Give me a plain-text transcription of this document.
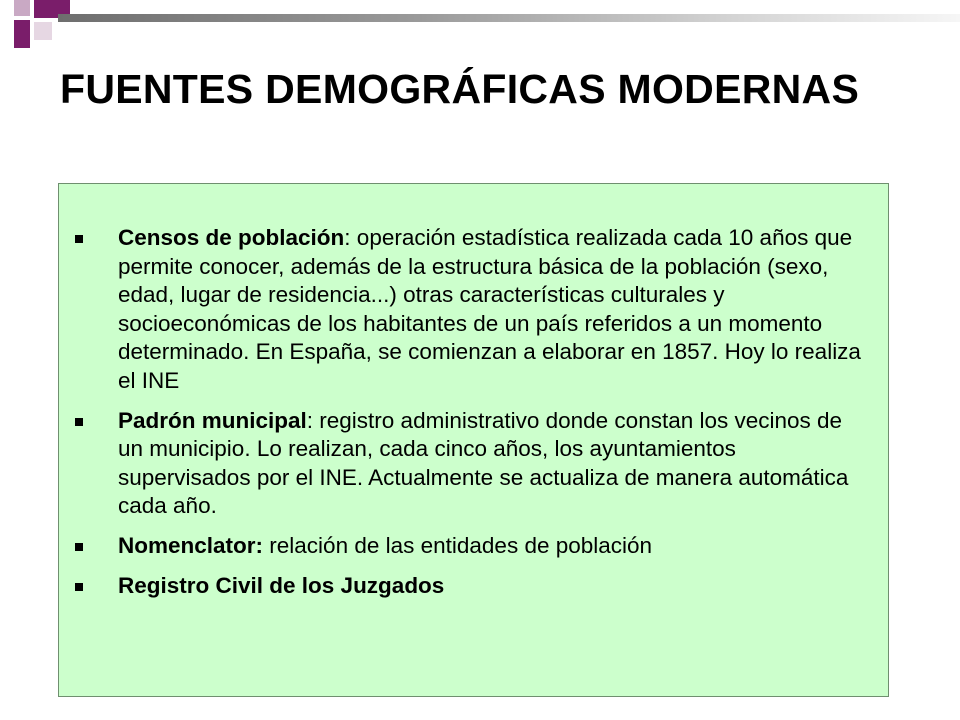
FUENTES DEMOGRÁFICAS MODERNAS
Censos de población: operación estadística realizada cada 10 años que permite conocer, además de la estructura básica de la población (sexo, edad, lugar de residencia...) otras características culturales y socioeconómicas de los habitantes de un país referidos a un momento determinado. En España, se comienzan a elaborar en 1857. Hoy lo realiza el INE
Padrón municipal: registro administrativo donde constan los vecinos de un municipio. Lo realizan, cada cinco años, los ayuntamientos supervisados por el INE. Actualmente se actualiza de manera automática cada año.
Nomenclator: relación de las entidades de población
Registro Civil de los Juzgados
